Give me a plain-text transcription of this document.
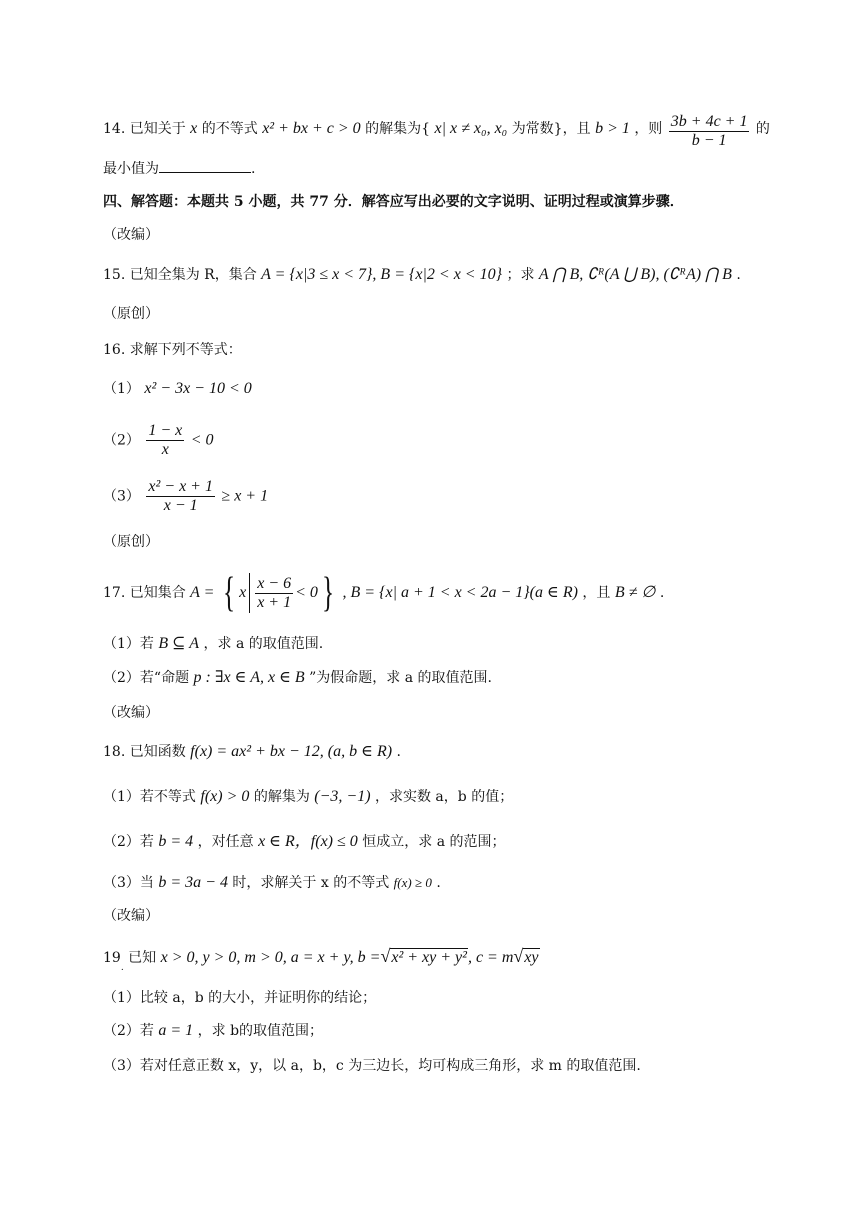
14. 已知关于 x 的不等式 x² + bx + c > 0 的解集为{ x| x ≠ x₀, x₀ 为常数}，且 b > 1 ，则 $\frac{3b + 4c + 1}{b - 1}$ 的
最小值为	.
四、解答题：本题共 5 小题，共 77 分．解答应写出必要的文字说明、证明过程或演算步骤．
（改编）
15. 已知全集为 R，集合 A = {x|3 ≤ x < 7}, B = {x|2 < x < 10} ；求 A ⋂ B, ∁ᴿ(A ⋃ B), (∁ᴿA) ⋂ B .
（原创）
16. 求解下列不等式：
（1） x² − 3x − 10 < 0
$(2) \frac{1 - x}{x} < 0$
$(3) \frac{\text{x² − x + 1}}{x - 1} \ge x + 1$
（原创）
17. 已知集合 A = { x $\frac{x - 6}{x + 1} < 0$ } , B = {x| a + 1 < x < 2a − 1}(a ∈ R) ，且 B ≠ ∅ .
（1）若 B ⊆ A ，求 a 的取值范围.
（2）若“命题 p : ∃x ∈ A, x ∈ B ”为假命题，求 a 的取值范围.
（改编）
18. 已知函数 f(x) = ax² + bx − 12, (a, b ∈ R) .
（1）若不等式 f(x) > 0 的解集为 (−3, −1) ，求实数 a，b 的值；
（2）若 b = 4 ，对任意 x ∈ R，f(x) ≤ 0 恒成立，求 a 的范围；
（3）当 b = 3a − 4 时，求解关于 x 的不等式 f(x) ≥ 0 .
（改编）
$19_.$ 已知 x > 0, y > 0, m > 0, a = x + y, b =√x² + xy + y², c = m√xy
（1）比较 a，b 的大小，并证明你的结论；
（2）若 a = 1 ，求 b的取值范围；
（3）若对任意正数 x，y，以 a，b，c 为三边长，均可构成三角形，求 m 的取值范围.
